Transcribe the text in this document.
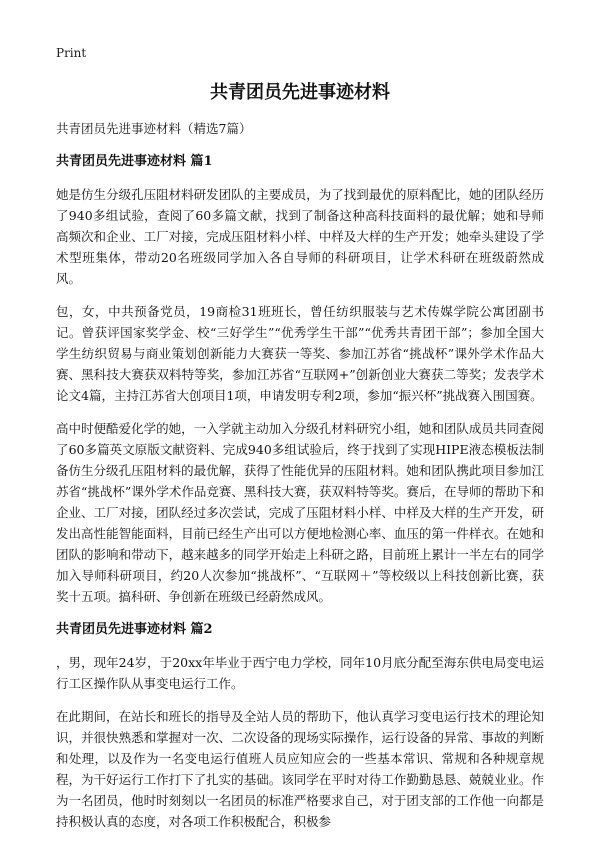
Print
共青团员先进事迹材料

共青团员先进事迹材料（精选7篇）

共青团员先进事迹材料 篇1

她是仿生分级孔压阻材料研发团队的主要成员，为了找到最优的原料配比，她的团队经历了940多组试验，查阅了60多篇文献，找到了制备这种高科技面料的最优解；她和导师高频次和企业、工厂对接，完成压阻材料小样、中样及大样的生产开发；她牵头建设了学术型班集体，带动20名班级同学加入各自导师的科研项目，让学术科研在班级蔚然成风。

包，女，中共预备党员，19商检31班班长，曾任纺织服装与艺术传媒学院公寓团副书记。曾获评国家奖学金、校“三好学生”“优秀学生干部”“优秀共青团干部”；参加全国大学生纺织贸易与商业策划创新能力大赛获一等奖、参加江苏省“挑战杯”课外学术作品大赛、黑科技大赛获双料特等奖，参加江苏省“互联网+”创新创业大赛获二等奖；发表学术论文4篇，主持江苏省大创项目1项，申请发明专利2项，参加“振兴杯”挑战赛入围国赛。

高中时便酷爱化学的她，一入学就主动加入分级孔材料研究小组，她和团队成员共同查阅了60多篇英文原版文献资料、完成940多组试验后，终于找到了实现HIPE液态模板法制备仿生分级孔压阻材料的最优解，获得了性能优异的压阻材料。她和团队携此项目参加江苏省“挑战杯”课外学术作品竞赛、黑科技大赛，获双料特等奖。赛后，在导师的帮助下和企业、工厂对接，团队经过多次尝试，完成了压阻材料小样、中样及大样的生产开发，研发出高性能智能面料，目前已经生产出可以方便地检测心率、血压的第一件样衣。在她和团队的影响和带动下，越来越多的同学开始走上科研之路，目前班上累计一半左右的同学加入导师科研项目，约20人次参加“挑战杯”、“互联网＋”等校级以上科技创新比赛，获奖十五项。搞科研、争创新在班级已经蔚然成风。

共青团员先进事迹材料 篇2

，男，现年24岁，于20xx年毕业于西宁电力学校，同年10月底分配至海东供电局变电运行工区操作队从事变电运行工作。

在此期间，在站长和班长的指导及全站人员的帮助下，他认真学习变电运行技术的理论知识，并很快熟悉和掌握对一次、二次设备的现场实际操作，运行设备的异常、事故的判断和处理，以及作为一名变电运行值班人员应知应会的一些基本常识、常规和各种规章规程，为干好运行工作打下了扎实的基础。该同学在平时对待工作勤勤恳恳、兢兢业业。作为一名团员，他时时刻刻以一名团员的标准严格要求自己，对于团支部的工作他一向都是持积极认真的态度，对各项工作积极配合，积极参
